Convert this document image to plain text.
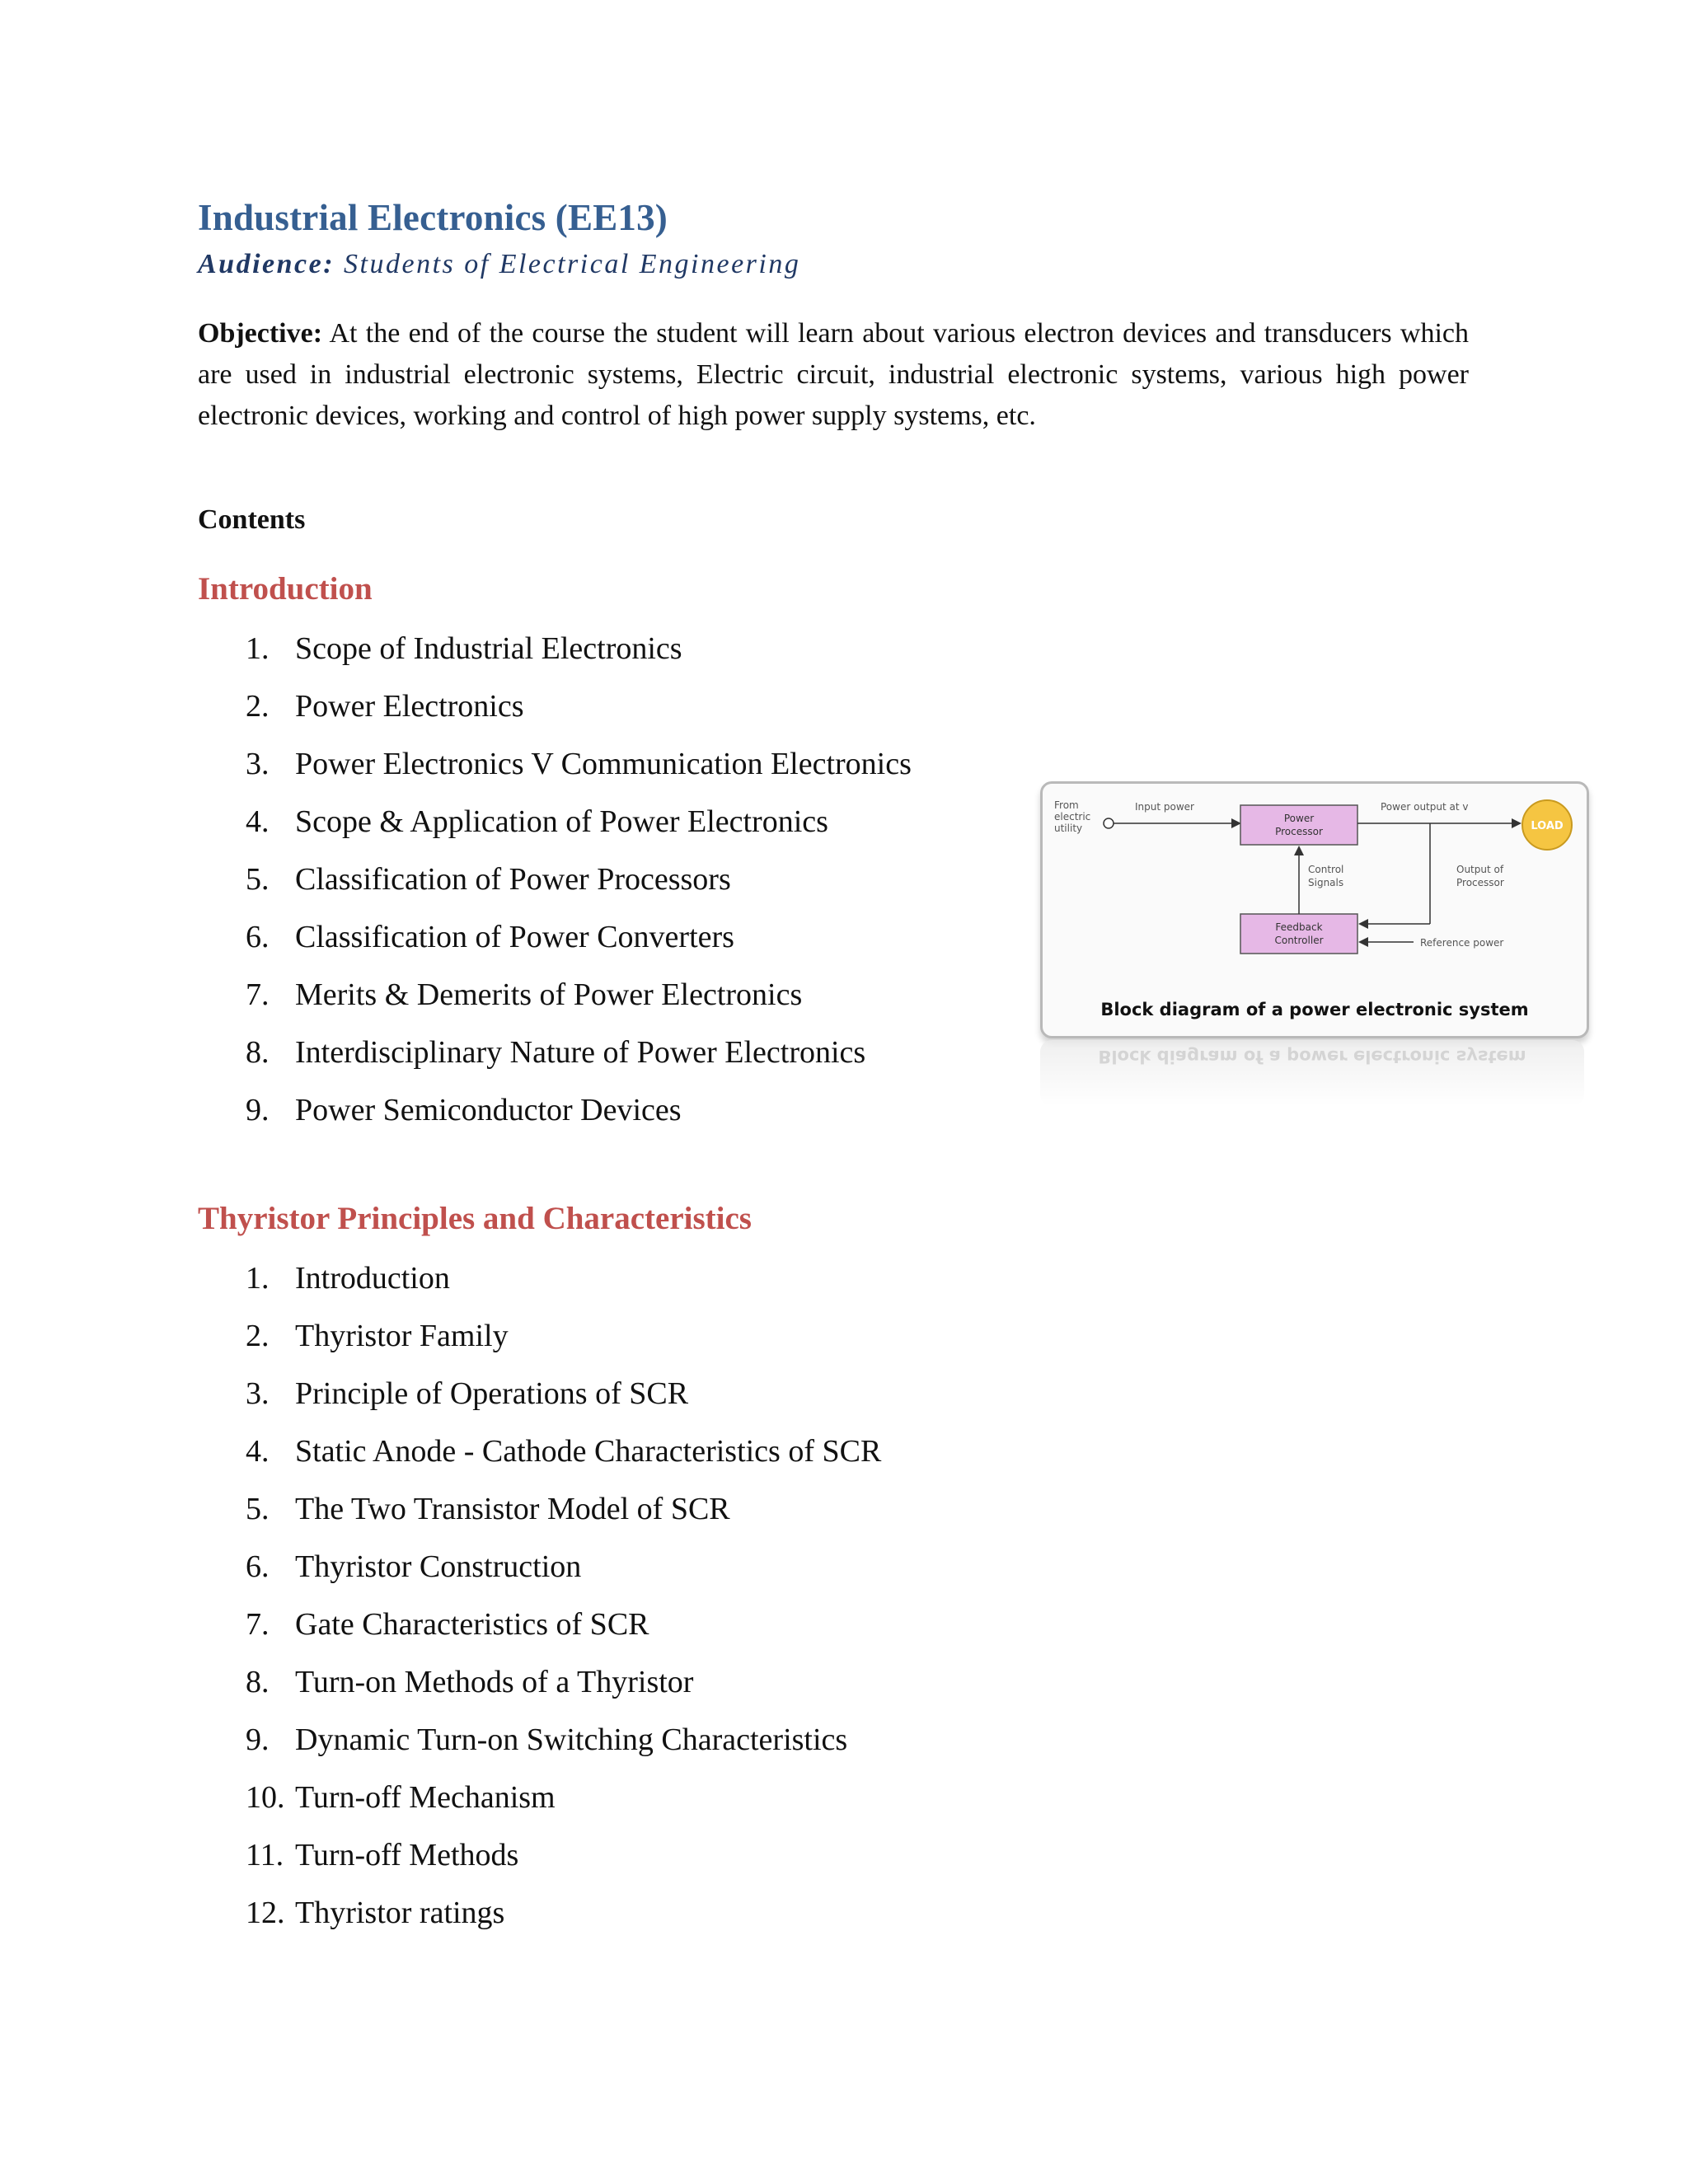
Industrial Electronics (EE13)
Audience: Students of Electrical Engineering
Objective: At the end of the course the student will learn about various electron devices and transducers which are used in industrial electronic systems, Electric circuit, industrial electronic systems, various high power electronic devices, working and control of high power supply systems, etc.
Contents
Introduction
1. Scope of Industrial Electronics
2. Power Electronics
3. Power Electronics V Communication Electronics
4. Scope & Application of Power Electronics
5. Classification of Power Processors
6. Classification of Power Converters
7. Merits & Demerits of Power Electronics
8. Interdisciplinary Nature of Power Electronics
9. Power Semiconductor Devices
Thyristor Principles and Characteristics
1. Introduction
2. Thyristor Family
3. Principle of Operations of SCR
4. Static Anode - Cathode Characteristics of SCR
5. The Two Transistor Model of SCR
6. Thyristor Construction
7. Gate Characteristics of SCR
8. Turn-on Methods of a Thyristor
9. Dynamic Turn-on Switching Characteristics
10. Turn-off Mechanism
11. Turn-off Methods
12. Thyristor ratings
From
electric
utility
Input power
Power
Processor
Power output at v
LOAD
Output of
Processor
Feedback
Controller
Control
Signals
Reference power
Block diagram of a power electronic system
Block diagram of a power electronic system
